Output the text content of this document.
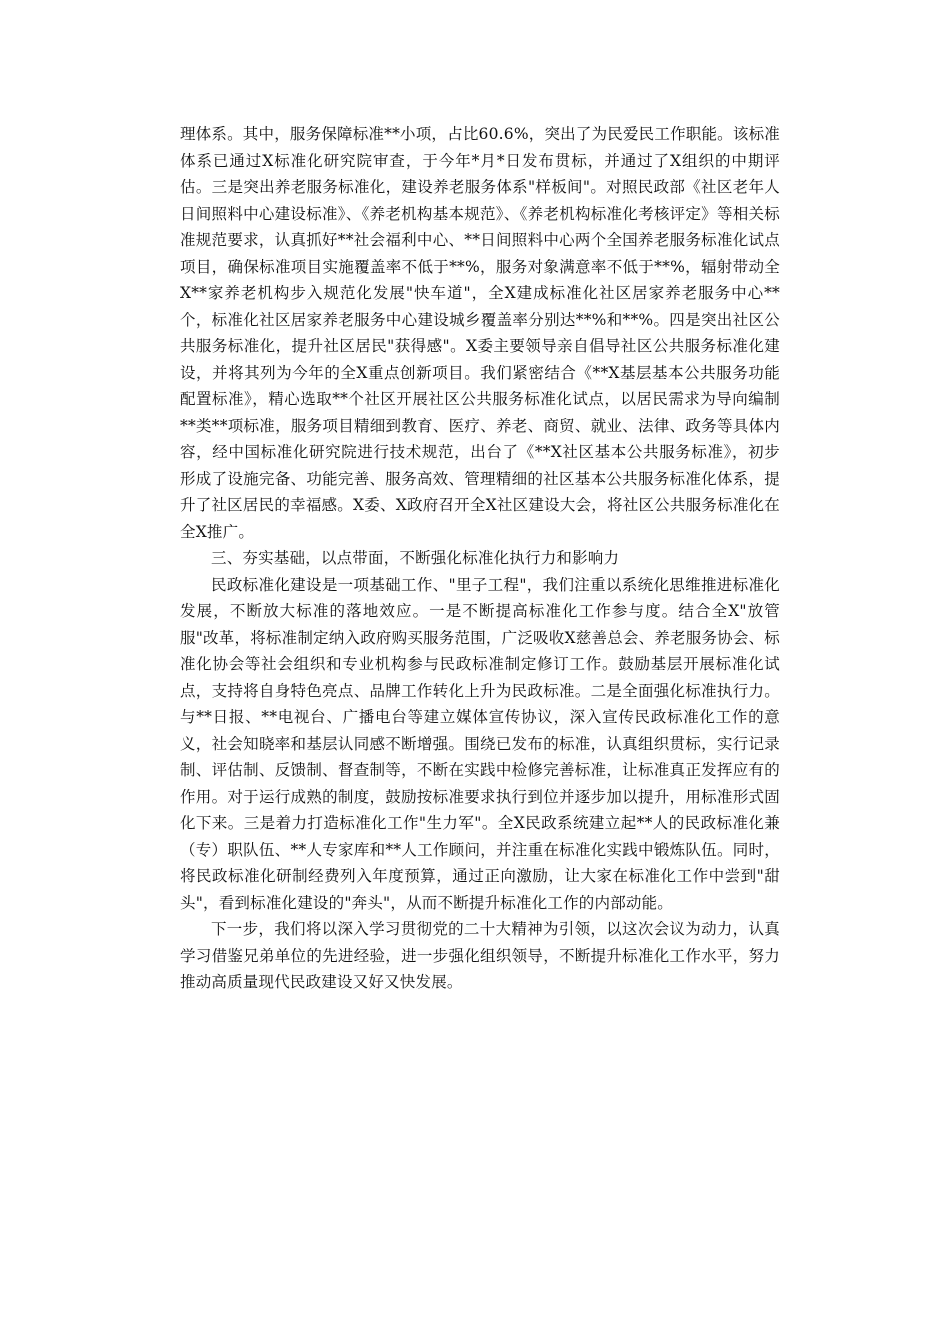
理体系。其中，服务保障标准**小项，占比60.6%，突出了为民爱民工作职能。该标准体系已通过X标准化研究院审查，于今年*月*日发布贯标，并通过了X组织的中期评估。三是突出养老服务标准化，建设养老服务体系"样板间"。对照民政部《社区老年人日间照料中心建设标准》、《养老机构基本规范》、《养老机构标准化考核评定》等相关标准规范要求，认真抓好**社会福利中心、**日间照料中心两个全国养老服务标准化试点项目，确保标准项目实施覆盖率不低于**%，服务对象满意率不低于**%，辐射带动全X**家养老机构步入规范化发展"快车道"，全X建成标准化社区居家养老服务中心**个，标准化社区居家养老服务中心建设城乡覆盖率分别达**%和**%。四是突出社区公共服务标准化，提升社区居民"获得感"。X委主要领导亲自倡导社区公共服务标准化建设，并将其列为今年的全X重点创新项目。我们紧密结合《**X基层基本公共服务功能配置标准》，精心选取**个社区开展社区公共服务标准化试点，以居民需求为导向编制**类**项标准，服务项目精细到教育、医疗、养老、商贸、就业、法律、政务等具体内容，经中国标准化研究院进行技术规范，出台了《**X社区基本公共服务标准》，初步形成了设施完备、功能完善、服务高效、管理精细的社区基本公共服务标准化体系，提升了社区居民的幸福感。X委、X政府召开全X社区建设大会，将社区公共服务标准化在全X推广。

三、夯实基础，以点带面，不断强化标准化执行力和影响力

民政标准化建设是一项基础工作、"里子工程"，我们注重以系统化思维推进标准化发展，不断放大标准的落地效应。一是不断提高标准化工作参与度。结合全X"放管服"改革，将标准制定纳入政府购买服务范围，广泛吸收X慈善总会、养老服务协会、标准化协会等社会组织和专业机构参与民政标准制定修订工作。鼓励基层开展标准化试点，支持将自身特色亮点、品牌工作转化上升为民政标准。二是全面强化标准执行力。与**日报、**电视台、广播电台等建立媒体宣传协议，深入宣传民政标准化工作的意义，社会知晓率和基层认同感不断增强。围绕已发布的标准，认真组织贯标，实行记录制、评估制、反馈制、督查制等，不断在实践中检修完善标准，让标准真正发挥应有的作用。对于运行成熟的制度，鼓励按标准要求执行到位并逐步加以提升，用标准形式固化下来。三是着力打造标准化工作"生力军"。全X民政系统建立起**人的民政标准化兼（专）职队伍、**人专家库和**人工作顾问，并注重在标准化实践中锻炼队伍。同时，将民政标准化研制经费列入年度预算，通过正向激励，让大家在标准化工作中尝到"甜头"，看到标准化建设的"奔头"，从而不断提升标准化工作的内部动能。

下一步，我们将以深入学习贯彻党的二十大精神为引领，以这次会议为动力，认真学习借鉴兄弟单位的先进经验，进一步强化组织领导，不断提升标准化工作水平，努力推动高质量现代民政建设又好又快发展。
